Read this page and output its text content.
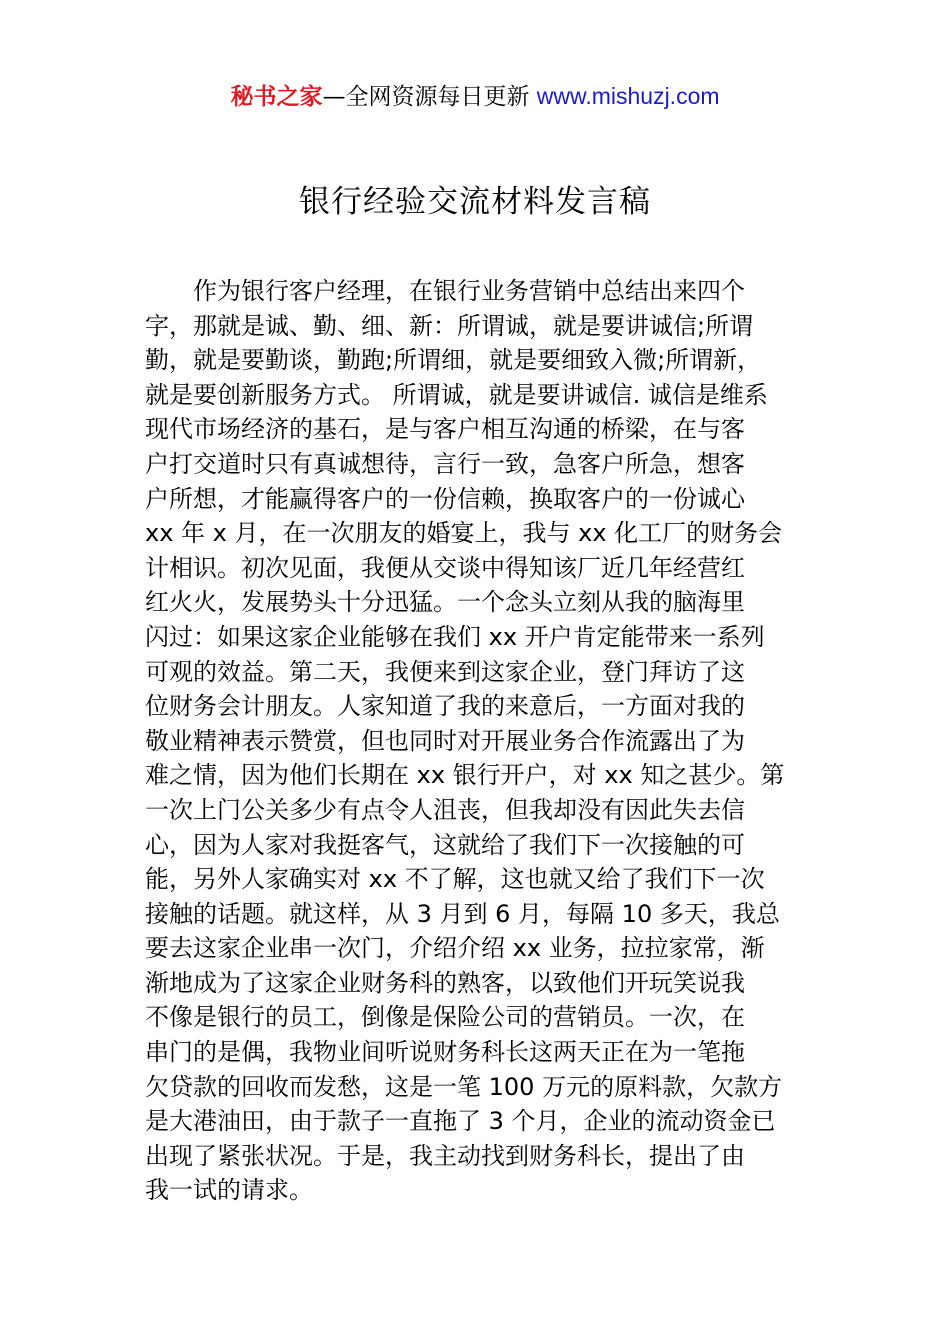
秘书之家—全网资源每日更新 www.mishuzj.com
银行经验交流材料发言稿
作为银行客户经理，在银行业务营销中总结出来四个
字，那就是诚、勤、细、新：所谓诚，就是要讲诚信;所谓
勤，就是要勤谈，勤跑;所谓细，就是要细致入微;所谓新，
就是要创新服务方式。 所谓诚，就是要讲诚信. 诚信是维系
现代市场经济的基石，是与客户相互沟通的桥梁，在与客
户打交道时只有真诚想待，言行一致，急客户所急，想客
户所想，才能赢得客户的一份信赖，换取客户的一份诚心
xx 年 x 月，在一次朋友的婚宴上，我与 xx 化工厂的财务会
计相识。初次见面，我便从交谈中得知该厂近几年经营红
红火火，发展势头十分迅猛。一个念头立刻从我的脑海里
闪过：如果这家企业能够在我们 xx 开户肯定能带来一系列
可观的效益。第二天，我便来到这家企业，登门拜访了这
位财务会计朋友。人家知道了我的来意后，一方面对我的
敬业精神表示赞赏，但也同时对开展业务合作流露出了为
难之情，因为他们长期在 xx 银行开户，对 xx 知之甚少。第
一次上门公关多少有点令人沮丧，但我却没有因此失去信
心，因为人家对我挺客气，这就给了我们下一次接触的可
能，另外人家确实对 xx 不了解，这也就又给了我们下一次
接触的话题。就这样，从 3 月到 6 月，每隔 10 多天，我总
要去这家企业串一次门，介绍介绍 xx 业务，拉拉家常，渐
渐地成为了这家企业财务科的熟客，以致他们开玩笑说我
不像是银行的员工，倒像是保险公司的营销员。一次，在
串门的是偶，我物业间听说财务科长这两天正在为一笔拖
欠贷款的回收而发愁，这是一笔 100 万元的原料款，欠款方
是大港油田，由于款子一直拖了 3 个月，企业的流动资金已
出现了紧张状况。于是，我主动找到财务科长，提出了由
我一试的请求。
